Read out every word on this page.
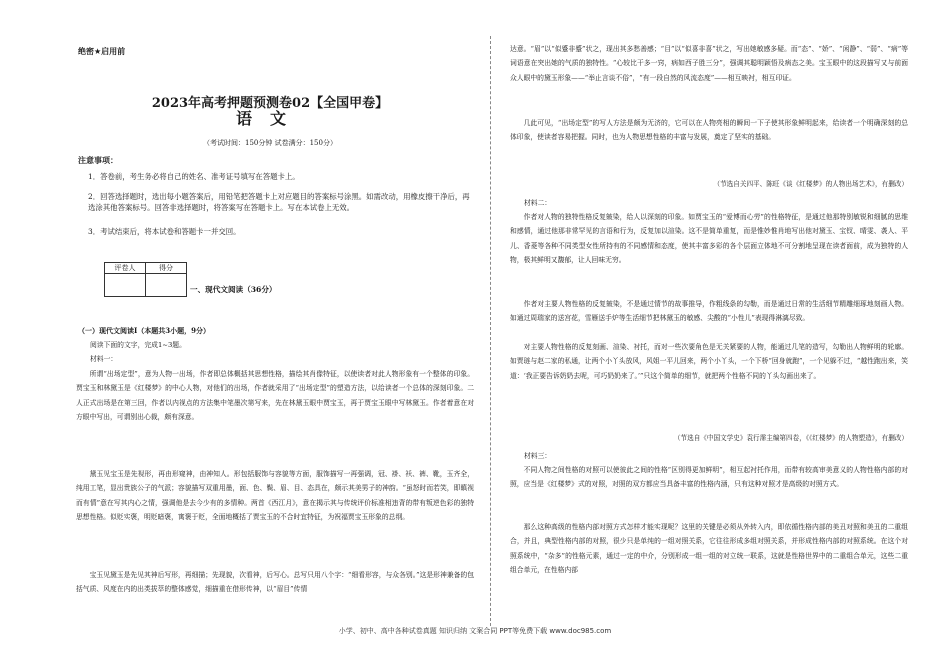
绝密★启用前
2023年高考押题预测卷02【全国甲卷】
语文
（考试时间：150分钟 试卷满分：150分）
注意事项：
1．答卷前，考生务必将自己的姓名、准考证号填写在答题卡上。
2．回答选择题时，选出每小题答案后，用铅笔把答题卡上对应题目的答案标号涂黑。如需改动，用橡皮擦干净后，再选涂其他答案标号。回答非选择题时，将答案写在答题卡上。写在本试卷上无效。
3．考试结束后，将本试卷和答题卡一并交回。
评卷人	得分

一、现代文阅读（36分）
（一）现代文阅读Ⅰ（本题共3小题，9分）
阅读下面的文字，完成1~3题。
材料一：
所谓“出场定型”，意为人物一出场，作者即总体概括其思想性格，描绘其肖像特征，以使读者对此人物形象有一个整体的印象。贾宝玉和林黛玉是《红楼梦》的中心人物，对他们的出场，作者就采用了“出场定型”的塑造方法，以给读者一个总体的深刻印象。二人正式出场是在第三回，作者以内视点的方法集中笔墨次第写来，先在林黛玉眼中贾宝玉，再于贾宝玉眼中写林黛玉。作者着意在对方眼中写出，可谓别出心裁，颇有深意。
黛玉见宝玉是先视形，再由形窥神，由神知人。形包括服饰与容貌等方面，服饰描写一再强调，冠、褂、袄、裤、靴，玉齐全，纯用工笔，显出贵族公子的气派；容貌描写双重用墨，面、色、鬓、眉、目、态具在，颇示其美男子的神韵。“虽怒时而若笑，即瞋视而有情”意在写其内心之情，强调他是去今少有的多情种。两首《西江月》，意在揭示其与传统评价标准相违背的带有叛逆色彩的独特思想性格。似贬实褒，明贬暗褒，寓褒于贬，全面地概括了贾宝玉的不合时宜特征，为祝福贾宝玉形象的总纲。
宝玉见黛玉是先见其神后写形，再细描；先现貌，次看神，后写心。总写只用八个字：“细看形容，与众各别。”这是形神兼备的包括气质、风度在内的出类拔萃的整体感觉，细描重在借形传神，以“眉目”传情
达意。“眉”以“似蹙非蹙”状之，现出其多愁善感；“目”以“似喜非喜”状之，写出她敏感多疑。而“态”、“娇”、“闲静”、“弱”、“病”等词语意在突出她的气质的独特性。“心较比干多一窍，病如西子胜三分”，强调其聪明颖悟及病态之美。宝玉眼中的这段描写又与前面众人眼中的黛玉形象——“举止言谈不俗”，“有一段自然的风流态度”——相互映衬，相互印证。
几此可见，“出场定型”的写人方法是颇为无济的，它可以在人物亮相的瞬间一下子使其形象鲜明起来，给读者一个明确深刻的总体印象，使读者容易把握。同时，也为人物思想性格的丰富与发展，奠定了坚实的基础。
（节选自关四平、陈旺《谈《红楼梦》的人物出场艺术》，有删改）
材料二：
作者对人物的独特性格反复皴染，给人以深刻的印象。如贾宝玉的“爱博而心劳”的性格特征，是通过他那特别敏锐和细腻的思维和感情，通过他那非常罕见的言语和行为，反复加以渲染。这不是简单重复，而是惟妙惟肖地写出他对黛玉、宝钗、晴雯、袭人、平儿、香菱等各种不同类型女性所持有的不同感情和态度，使其丰富多彩的各个层面立体地不可分割地呈现在读者面前，成为独特的人物，极其鲜明又馥郁，让人回味无穷。
作者对主要人物性格的反复皴染，不是通过情节的故事推导，作粗线条的勾勒，而是通过日常的生活细节精雕细琢地刻画人物。如通过周瑞家的送宫花，雪雁送手炉等生活细节把林黛玉的敏感、尖酸的“小性儿”表现得淋漓尽致。
对主要人物性格的反复刻画、渲染、衬托，而对一些次要角色是无关紧要的人物，能通过几笔的造写，勾勒出人物鲜明的轮廓。如贾琏与赵二家的私通，让两个小丫头放风，风姐一平儿回来，两个小丫头，一个下桥“回身就跑”，一个见躲不过，“越性跑出来，笑道：‘我正要告诉奶奶去呢，可巧奶奶来了。’”只这个简单的细节，就把两个性格不同的丫头勾画出来了。
（节选自《中国文学史》袁行霈主编第四卷，《《红楼梦》的人物塑造》，有删改）
材料三：
不同人物之间性格的对照可以使彼此之间的性格“区别得更加鲜明”，相互起衬托作用，而带有较高审美意义的人物性格内部的对照，应当是《红楼梦》式的对照，对照的双方都应当具备丰富的性格内涵，只有这种对照才是高级的对照方式。
那么这种高级的性格内部对照方式怎样才能实现呢？这里的关键是必须从外转入内，即依循性格内部的美丑对照和美丑的二重组合，并且，典型性格内部的对照，很少只是单纯的一组对照关系，它往往形成多组对照关系，并形成性格内部的对照系统。在这个对照系统中，“杂多”的性格元素，通过一定的中介，分别形成一组一组的对立统一联系，这就是性格世界中的二重组合单元，这些二重组合单元，在性格内部
小学、初中、高中各种试卷真题 知识归纳 文案合同 PPT等免费下载 www.doc985.com
